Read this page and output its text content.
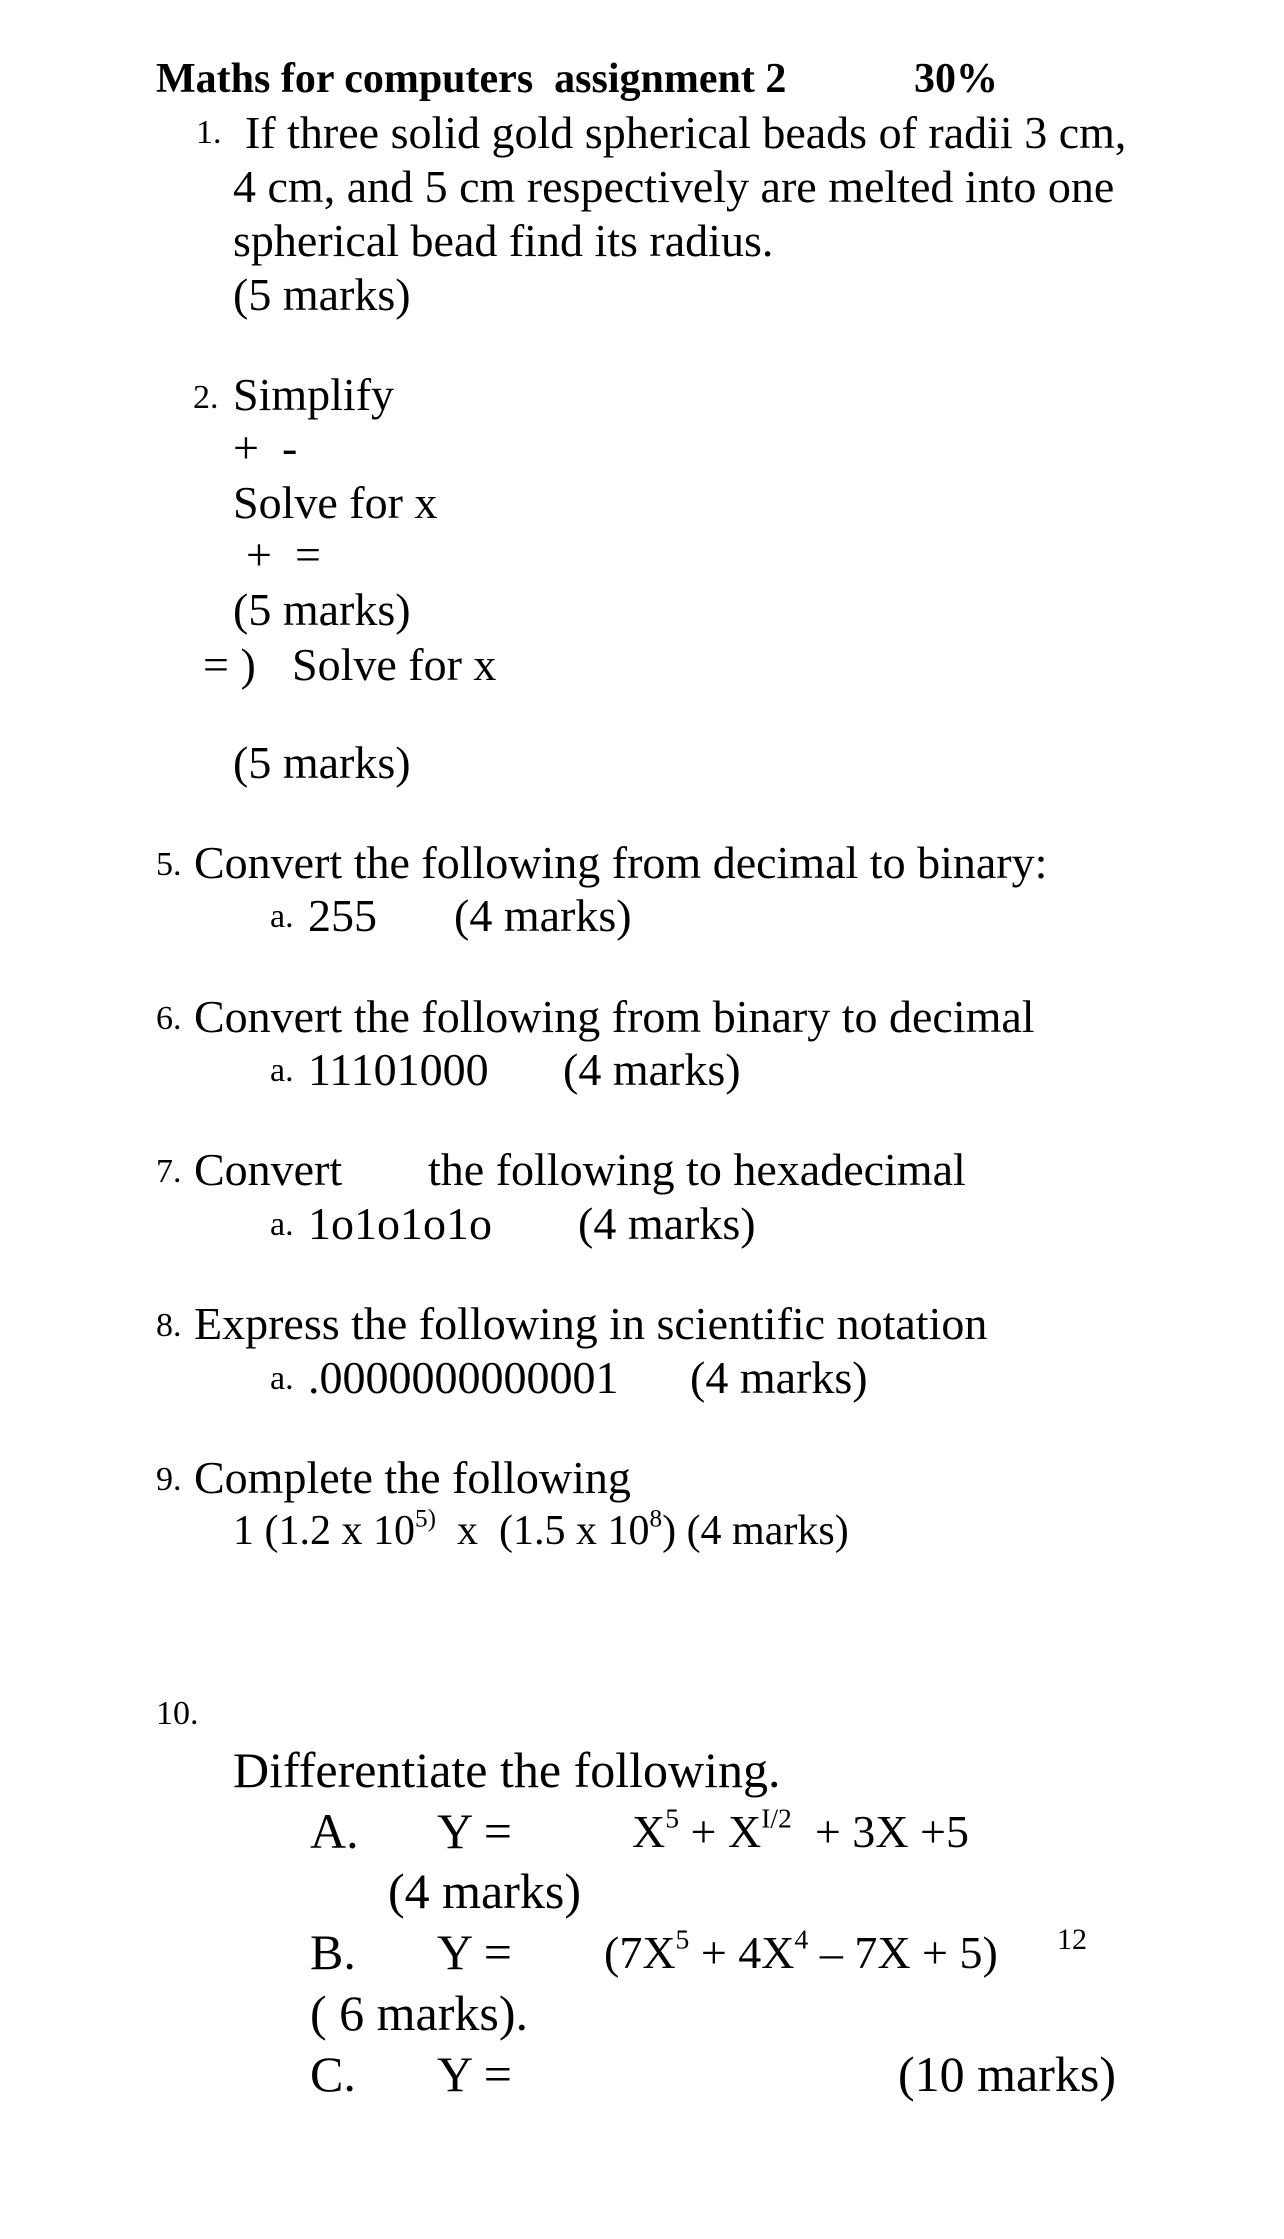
Maths for computers  assignment 2	30%
1. If three solid gold spherical beads of radii 3 cm,
4 cm, and 5 cm respectively are melted into one
spherical bead find its radius.
(5 marks)
2. Simplify
+  -
Solve for x
+  =
(5 marks)
= ) Solve for x
(5 marks)
5. Convert the following from decimal to binary:
a. 255 (4 marks)
6. Convert the following from binary to decimal
a. 11101000 (4 marks)
7. Convert the following to hexadecimal
a. 1o1o1o1o (4 marks)
8. Express the following in scientific notation
a. .0000000000001 (4 marks)
9. Complete the following
1 (1.2 x 10$^{5)}$  x  (1.5 x $10^8$) (4 marks)
10.
Differentiate the following.
A. Y =	$X^5 + X^{I/2} + 3X +5$
(4 marks)
B. $Y = (7X^5 + 4X^4 - 7X + 5)$ 12
( 6 marks).
C. Y =	(10 marks)
